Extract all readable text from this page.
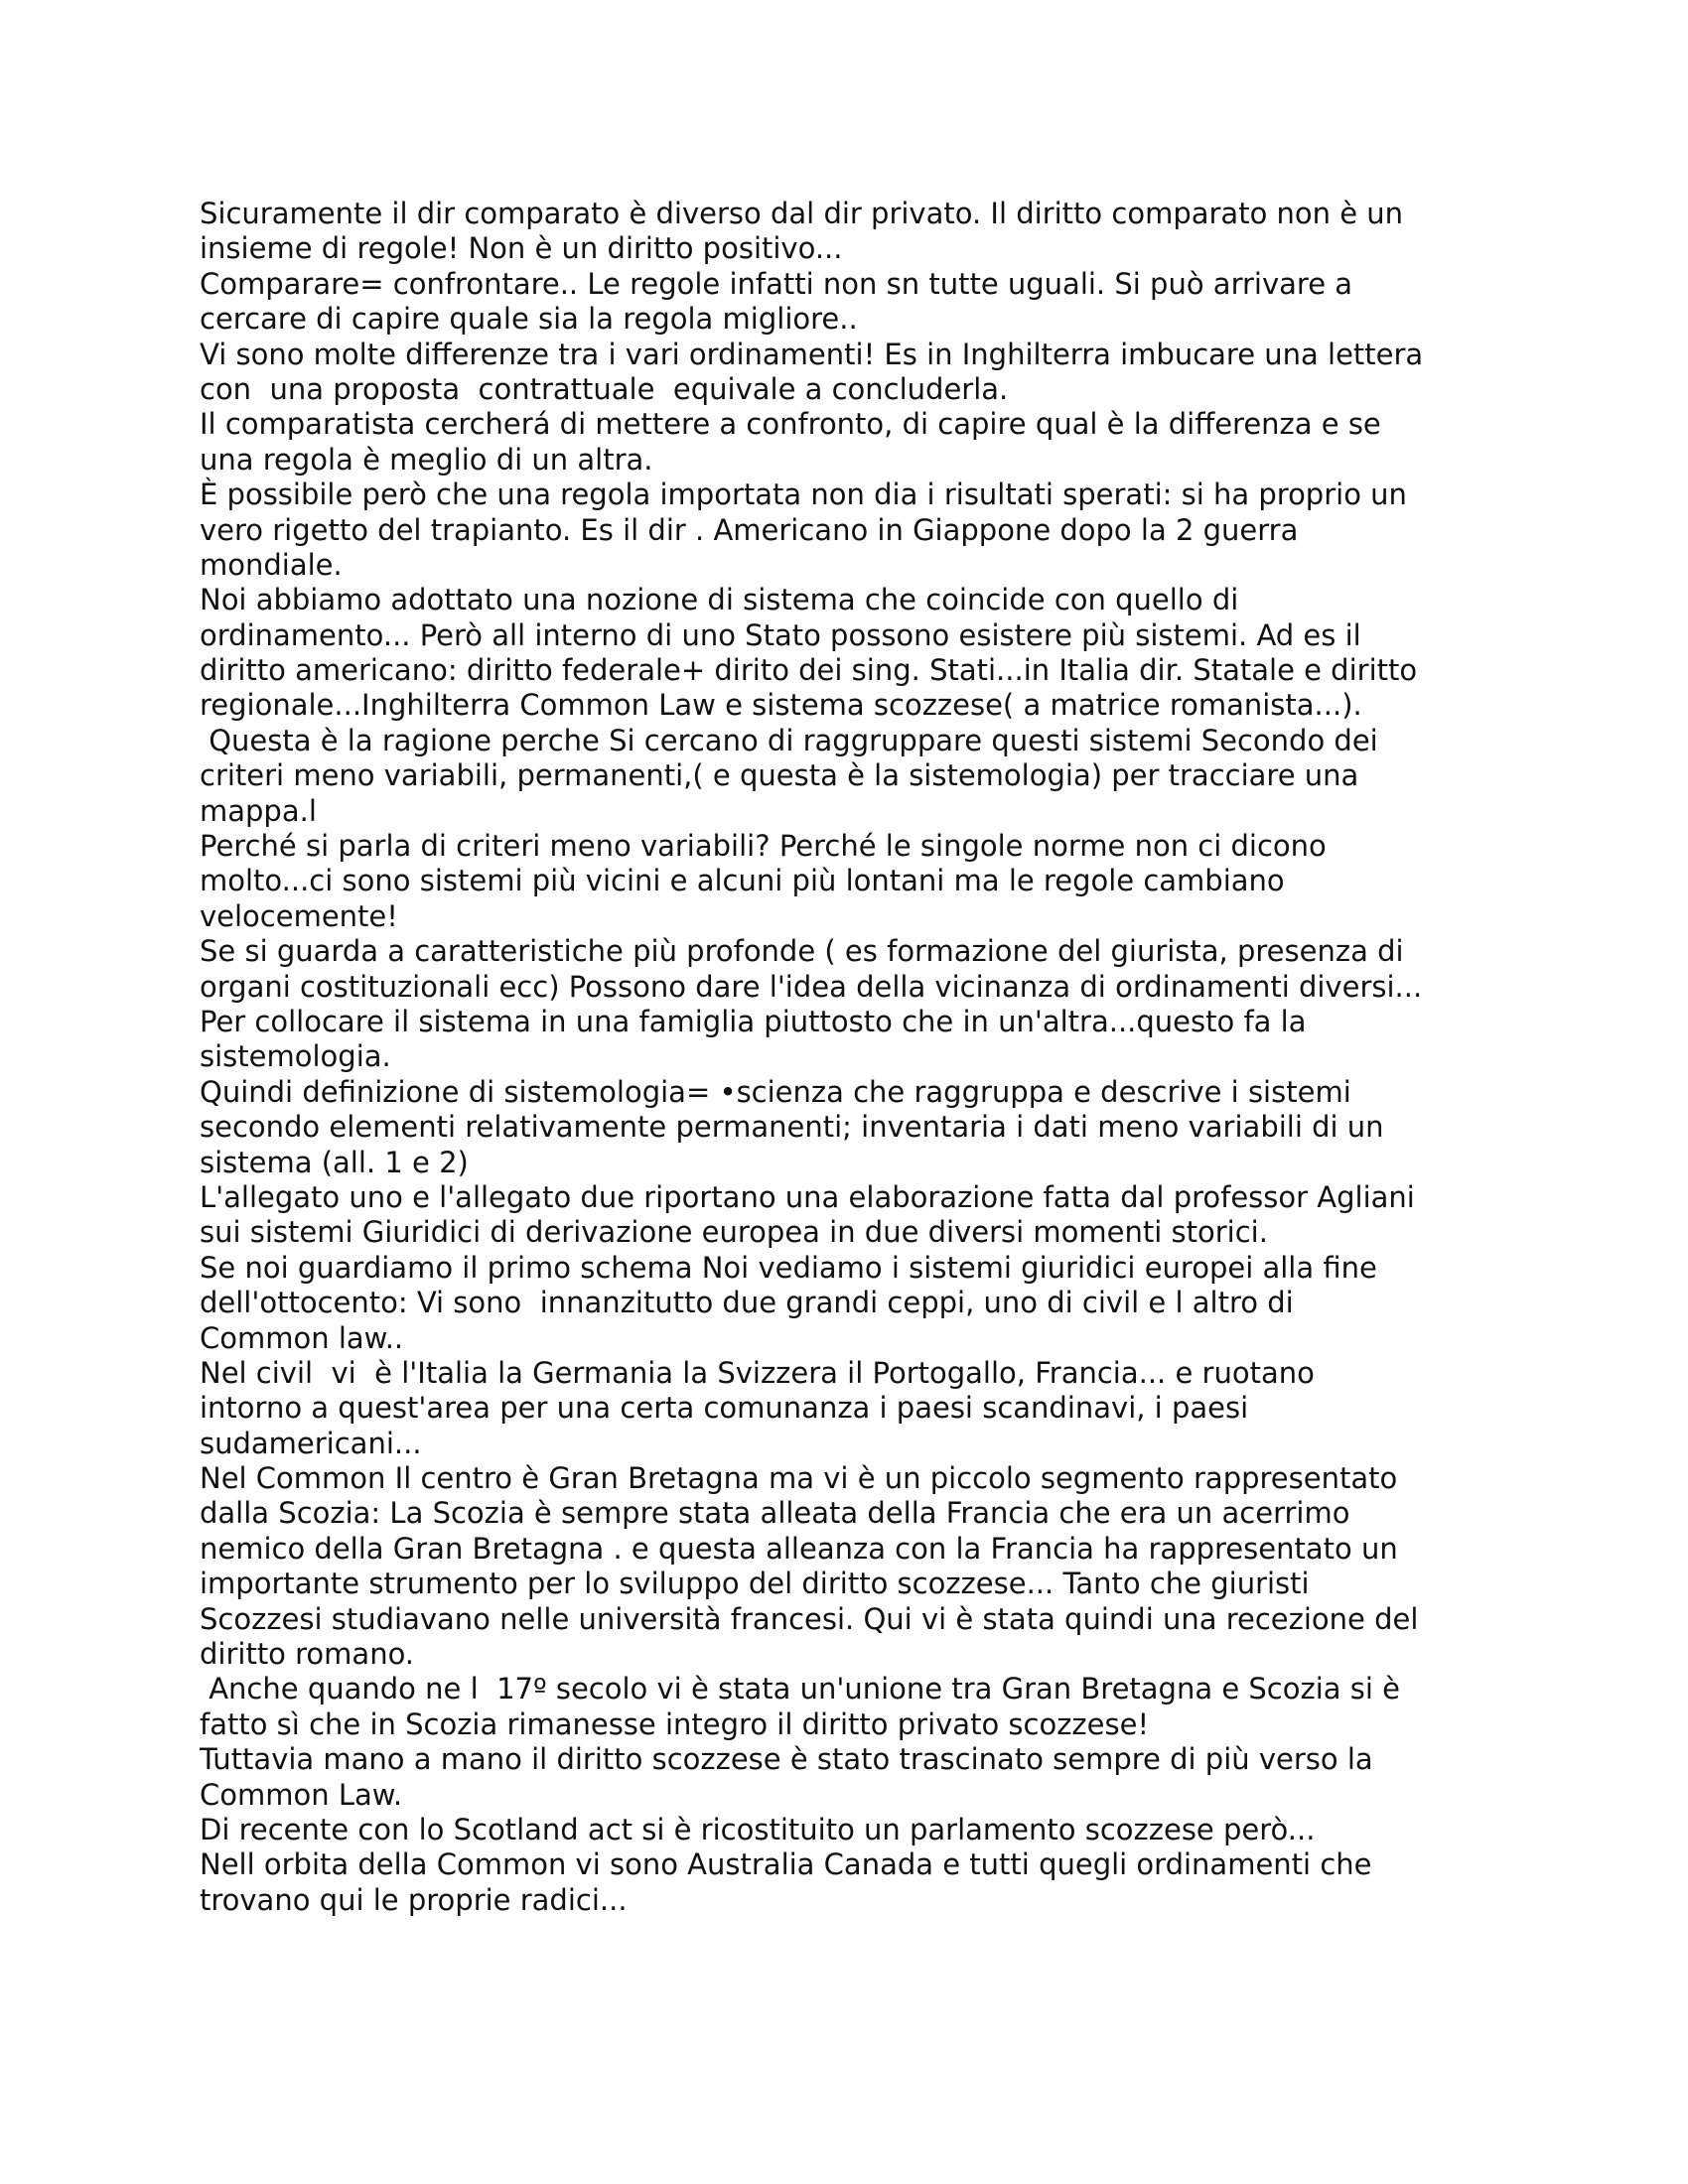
Sicuramente il dir comparato è diverso dal dir privato. Il diritto comparato non è un
insieme di regole! Non è un diritto positivo...
Comparare= confrontare.. Le regole infatti non sn tutte uguali. Si può arrivare a
cercare di capire quale sia la regola migliore..
Vi sono molte differenze tra i vari ordinamenti! Es in Inghilterra imbucare una lettera
con  una proposta  contrattuale  equivale a concluderla.
Il comparatista cercherá di mettere a confronto, di capire qual è la differenza e se
una regola è meglio di un altra.
È possibile però che una regola importata non dia i risultati sperati: si ha proprio un
vero rigetto del trapianto. Es il dir . Americano in Giappone dopo la 2 guerra
mondiale.
Noi abbiamo adottato una nozione di sistema che coincide con quello di
ordinamento... Però all interno di uno Stato possono esistere più sistemi. Ad es il
diritto americano: diritto federale+ dirito dei sing. Stati...in Italia dir. Statale e diritto
regionale...Inghilterra Common Law e sistema scozzese( a matrice romanista...).
Questa è la ragione perche Si cercano di raggruppare questi sistemi Secondo dei
criteri meno variabili, permanenti,( e questa è la sistemologia) per tracciare una
mappa.l
Perché si parla di criteri meno variabili? Perché le singole norme non ci dicono
molto...ci sono sistemi più vicini e alcuni più lontani ma le regole cambiano
velocemente!
Se si guarda a caratteristiche più profonde ( es formazione del giurista, presenza di
organi costituzionali ecc) Possono dare l'idea della vicinanza di ordinamenti diversi...
Per collocare il sistema in una famiglia piuttosto che in un'altra...questo fa la
sistemologia.
Quindi definizione di sistemologia= •scienza che raggruppa e descrive i sistemi
secondo elementi relativamente permanenti; inventaria i dati meno variabili di un
sistema (all. 1 e 2)
L'allegato uno e l'allegato due riportano una elaborazione fatta dal professor Agliani
sui sistemi Giuridici di derivazione europea in due diversi momenti storici.
Se noi guardiamo il primo schema Noi vediamo i sistemi giuridici europei alla fine
dell'ottocento: Vi sono  innanzitutto due grandi ceppi, uno di civil e l altro di
Common law..
Nel civil  vi  è l'Italia la Germania la Svizzera il Portogallo, Francia... e ruotano
intorno a quest'area per una certa comunanza i paesi scandinavi, i paesi
sudamericani...
Nel Common Il centro è Gran Bretagna ma vi è un piccolo segmento rappresentato
dalla Scozia: La Scozia è sempre stata alleata della Francia che era un acerrimo
nemico della Gran Bretagna . e questa alleanza con la Francia ha rappresentato un
importante strumento per lo sviluppo del diritto scozzese... Tanto che giuristi
Scozzesi studiavano nelle università francesi. Qui vi è stata quindi una recezione del
diritto romano.
Anche quando ne l  17º secolo vi è stata un'unione tra Gran Bretagna e Scozia si è
fatto sì che in Scozia rimanesse integro il diritto privato scozzese!
Tuttavia mano a mano il diritto scozzese è stato trascinato sempre di più verso la
Common Law.
Di recente con lo Scotland act si è ricostituito un parlamento scozzese però...
Nell orbita della Common vi sono Australia Canada e tutti quegli ordinamenti che
trovano qui le proprie radici...
